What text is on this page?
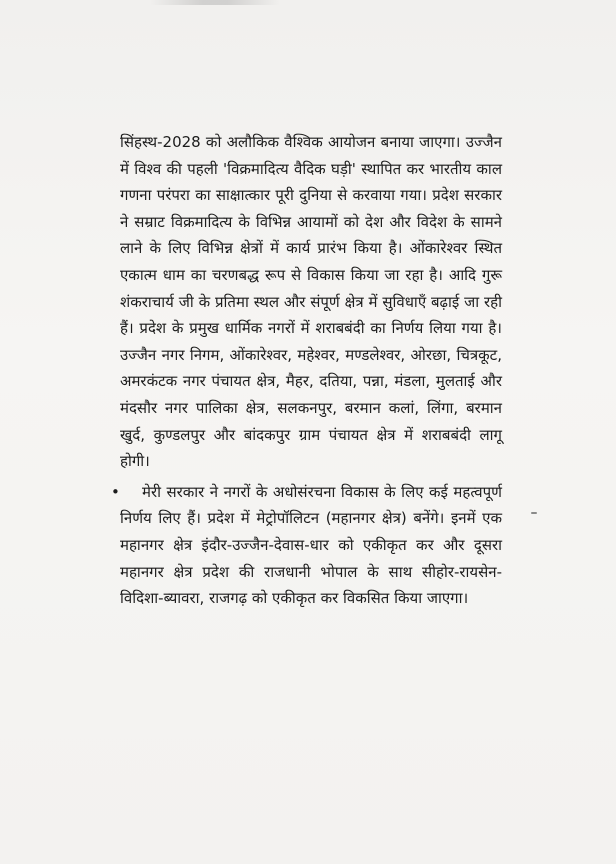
सिंहस्थ-2028 को अलौकिक वैश्विक आयोजन बनाया जाएगा। उज्जैन में विश्व की पहली 'विक्रमादित्य वैदिक घड़ी' स्थापित कर भारतीय काल गणना परंपरा का साक्षात्कार पूरी दुनिया से करवाया गया। प्रदेश सरकार ने सम्राट विक्रमादित्य के विभिन्न आयामों को देश और विदेश के सामने लाने के लिए विभिन्न क्षेत्रों में कार्य प्रारंभ किया है। ओंकारेश्वर स्थित एकात्म धाम का चरणबद्ध रूप से विकास किया जा रहा है। आदि गुरू शंकराचार्य जी के प्रतिमा स्थल और संपूर्ण क्षेत्र में सुविधाएँ बढ़ाई जा रही हैं। प्रदेश के प्रमुख धार्मिक नगरों में शराबबंदी का निर्णय लिया गया है। उज्जैन नगर निगम, ओंकारेश्वर, महेश्वर, मण्डलेश्वर, ओरछा, चित्रकूट, अमरकंटक नगर पंचायत क्षेत्र, मैहर, दतिया, पन्ना, मंडला, मुलताई और मंदसौर नगर पालिका क्षेत्र, सलकनपुर, बरमान कलां, लिंगा, बरमान खुर्द, कुण्डलपुर और बांदकपुर ग्राम पंचायत क्षेत्र में शराबबंदी लागू होगी।

• मेरी सरकार ने नगरों के अधोसंरचना विकास के लिए कई महत्वपूर्ण निर्णय लिए हैं। प्रदेश में मेट्रोपॉलिटन (महानगर क्षेत्र) बनेंगे। इनमें एक महानगर क्षेत्र इंदौर-उज्जैन-देवास-धार को एकीकृत कर और दूसरा महानगर क्षेत्र प्रदेश की राजधानी भोपाल के साथ सीहोर-रायसेन-विदिशा-ब्यावरा, राजगढ़ को एकीकृत कर विकसित किया जाएगा।
